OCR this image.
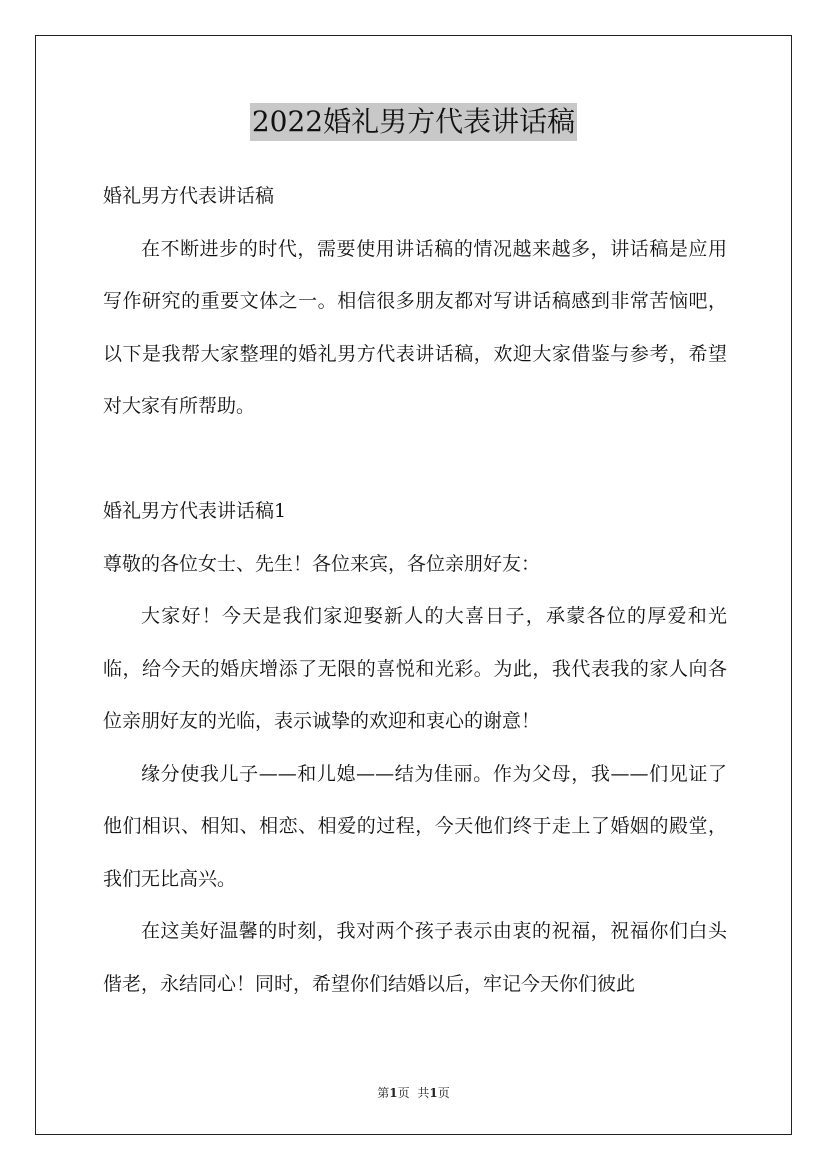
2022婚礼男方代表讲话稿

婚礼男方代表讲话稿

在不断进步的时代，需要使用讲话稿的情况越来越多，讲话稿是应用写作研究的重要文体之一。相信很多朋友都对写讲话稿感到非常苦恼吧，以下是我帮大家整理的婚礼男方代表讲话稿，欢迎大家借鉴与参考，希望对大家有所帮助。

婚礼男方代表讲话稿1

尊敬的各位女士、先生！各位来宾，各位亲朋好友：

大家好！今天是我们家迎娶新人的大喜日子，承蒙各位的厚爱和光临，给今天的婚庆增添了无限的喜悦和光彩。为此，我代表我的家人向各位亲朋好友的光临，表示诚挚的欢迎和衷心的谢意！

缘分使我儿子——和儿媳——结为佳丽。作为父母，我——们见证了他们相识、相知、相恋、相爱的过程，今天他们终于走上了婚姻的殿堂，我们无比高兴。

在这美好温馨的时刻，我对两个孩子表示由衷的祝福，祝福你们白头偕老，永结同心！同时，希望你们结婚以后，牢记今天你们彼此

第1页 共1页
